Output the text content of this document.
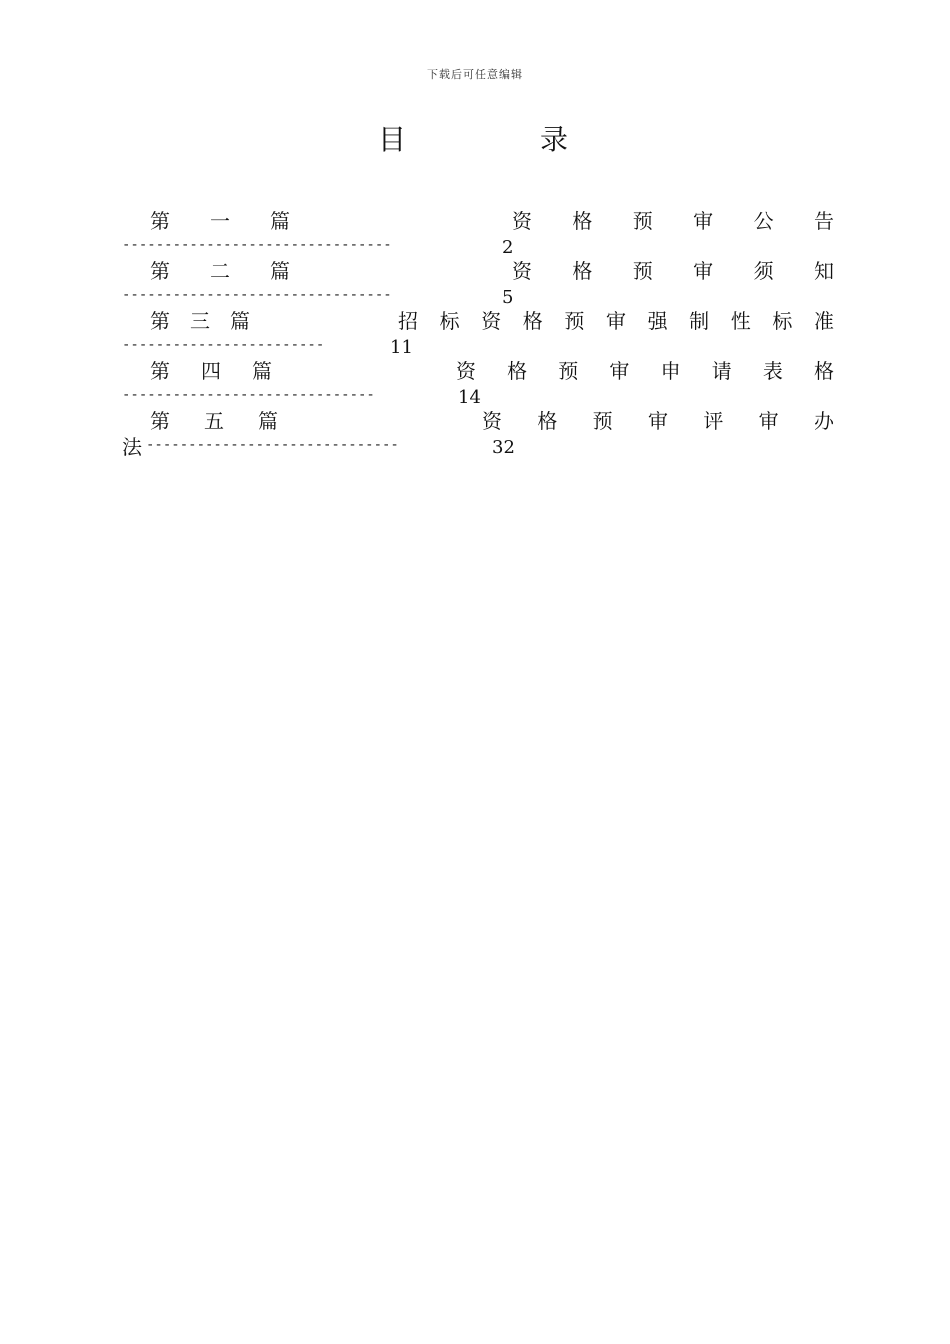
下载后可任意编辑
目	录
第 一 篇	资 格 预 审 公 告
--------------------------------	2
第 二 篇	资 格 预 审 须 知
--------------------------------	5
第 三 篇	招 标 资 格 预 审 强 制 性 标 准
------------------------	11
第 四 篇	资 格 预 审 申 请 表 格
------------------------------	14
第 五 篇	资 格 预 审 评 审 办
法 ------------------------------	32
